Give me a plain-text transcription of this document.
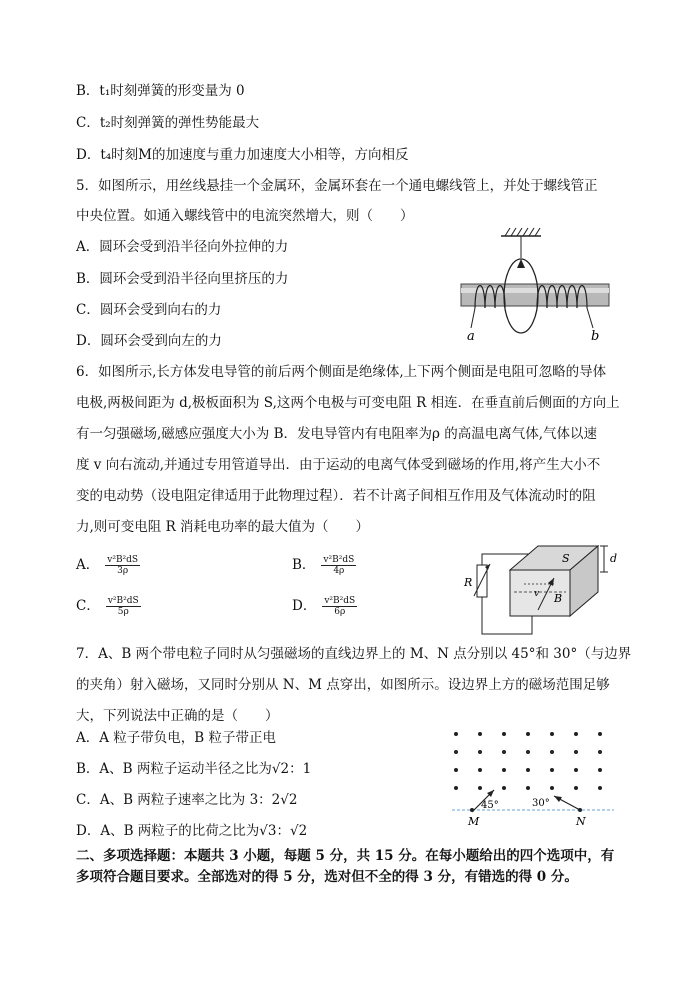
B．t₁时刻弹簧的形变量为 0
C．t₂时刻弹簧的弹性势能最大
D．t₄时刻M的加速度与重力加速度大小相等，方向相反
5．如图所示，用丝线悬挂一个金属环，金属环套在一个通电螺线管上，并处于螺线管正
中央位置。如通入螺线管中的电流突然增大，则（　　）
A．圆环会受到沿半径向外拉伸的力
B．圆环会受到沿半径向里挤压的力
C．圆环会受到向右的力
D．圆环会受到向左的力	a	b
6．如图所示,长方体发电导管的前后两个侧面是绝缘体,上下两个侧面是电阻可忽略的导体
电极,两极间距为 d,极板面积为 S,这两个电极与可变电阻 R 相连．在垂直前后侧面的方向上
有一匀强磁场,磁感应强度大小为 B．发电导管内有电阻率为ρ 的高温电离气体,气体以速
度 v 向右流动,并通过专用管道导出．由于运动的电离气体受到磁场的作用,将产生大小不
变的电动势（设电阻定律适用于此物理过程）．若不计离子间相互作用及气体流动时的阻
力,则可变电阻 R 消耗电功率的最大值为（　　）
A． $\frac{\text{v²B²dS}}{3\rho}$	B． $\frac{\text{v²B²dS}}{4\rho}$
C． $\frac{\text{v²B²dS}}{5\rho}$	D． $\frac{\text{v²B²dS}}{6\rho}$
R
S
v B
d
7．A、B 两个带电粒子同时从匀强磁场的直线边界上的 M、N 点分别以 45°和 30°（与边界
的夹角）射入磁场，又同时分别从 N、M 点穿出，如图所示。设边界上方的磁场范围足够
大，下列说法中正确的是（　　）
A．A 粒子带负电，B 粒子带正电
B．A、B 两粒子运动半径之比为√2：1
C．A、B 两粒子速率之比为 3：2√2
D．A、B 两粒子的比荷之比为√3：√2
45°	30°
M	N
二、多项选择题：本题共 3 小题，每题 5 分，共 15 分。在每小题给出的四个选项中，有
多项符合题目要求。全部选对的得 5 分，选对但不全的得 3 分，有错选的得 0 分。
